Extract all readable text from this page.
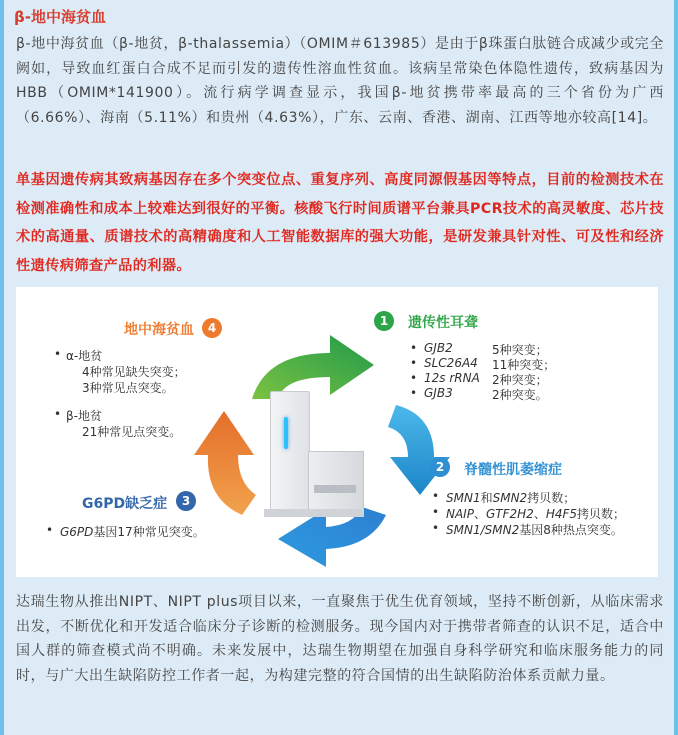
β-地中海贫血
β-地中海贫血（β-地贫，β-thalassemia）（OMIM＃613985）是由于β珠蛋白肽链合成减少或完全阙如，导致血红蛋白合成不足而引发的遗传性溶血性贫血。该病呈常染色体隐性遗传，致病基因为HBB（OMIM*141900）。流行病学调查显示，我国β-地贫携带率最高的三个省份为广西（6.66%）、海南（5.11%）和贵州（4.63%），广东、云南、香港、湖南、江西等地亦较高[14]。
单基因遗传病其致病基因存在多个突变位点、重复序列、高度同源假基因等特点，目前的检测技术在检测准确性和成本上较难达到很好的平衡。核酸飞行时间质谱平台兼具PCR技术的高灵敏度、芯片技术的高通量、质谱技术的高精确度和人工智能数据库的强大功能，是研发兼具针对性、可及性和经济性遗传病筛查产品的利器。
地中海贫血	4
• α-地贫
4种常见缺失突变；
3种常见点突变。
• β-地贫
21种常见点突变。
1	遗传性耳聋
• GJB2	5种突变；
• SLC26A4 11种突变；
• 12s rRNA 2种突变；
• GJB3	2种突变。
2	脊髓性肌萎缩症
• SMN1和SMN2拷贝数；
• NAIP、GTF2H2、H4F5拷贝数；
• SMN1/SMN2基因8种热点突变。
G6PD缺乏症	3
• G6PD基因17种常见突变。
达瑞生物从推出NIPT、NIPT plus项目以来，一直聚焦于优生优育领域，坚持不断创新，从临床需求出发，不断优化和开发适合临床分子诊断的检测服务。现今国内对于携带者筛查的认识不足，适合中国人群的筛查模式尚不明确。未来发展中，达瑞生物期望在加强自身科学研究和临床服务能力的同时，与广大出生缺陷防控工作者一起，为构建完整的符合国情的出生缺陷防治体系贡献力量。
